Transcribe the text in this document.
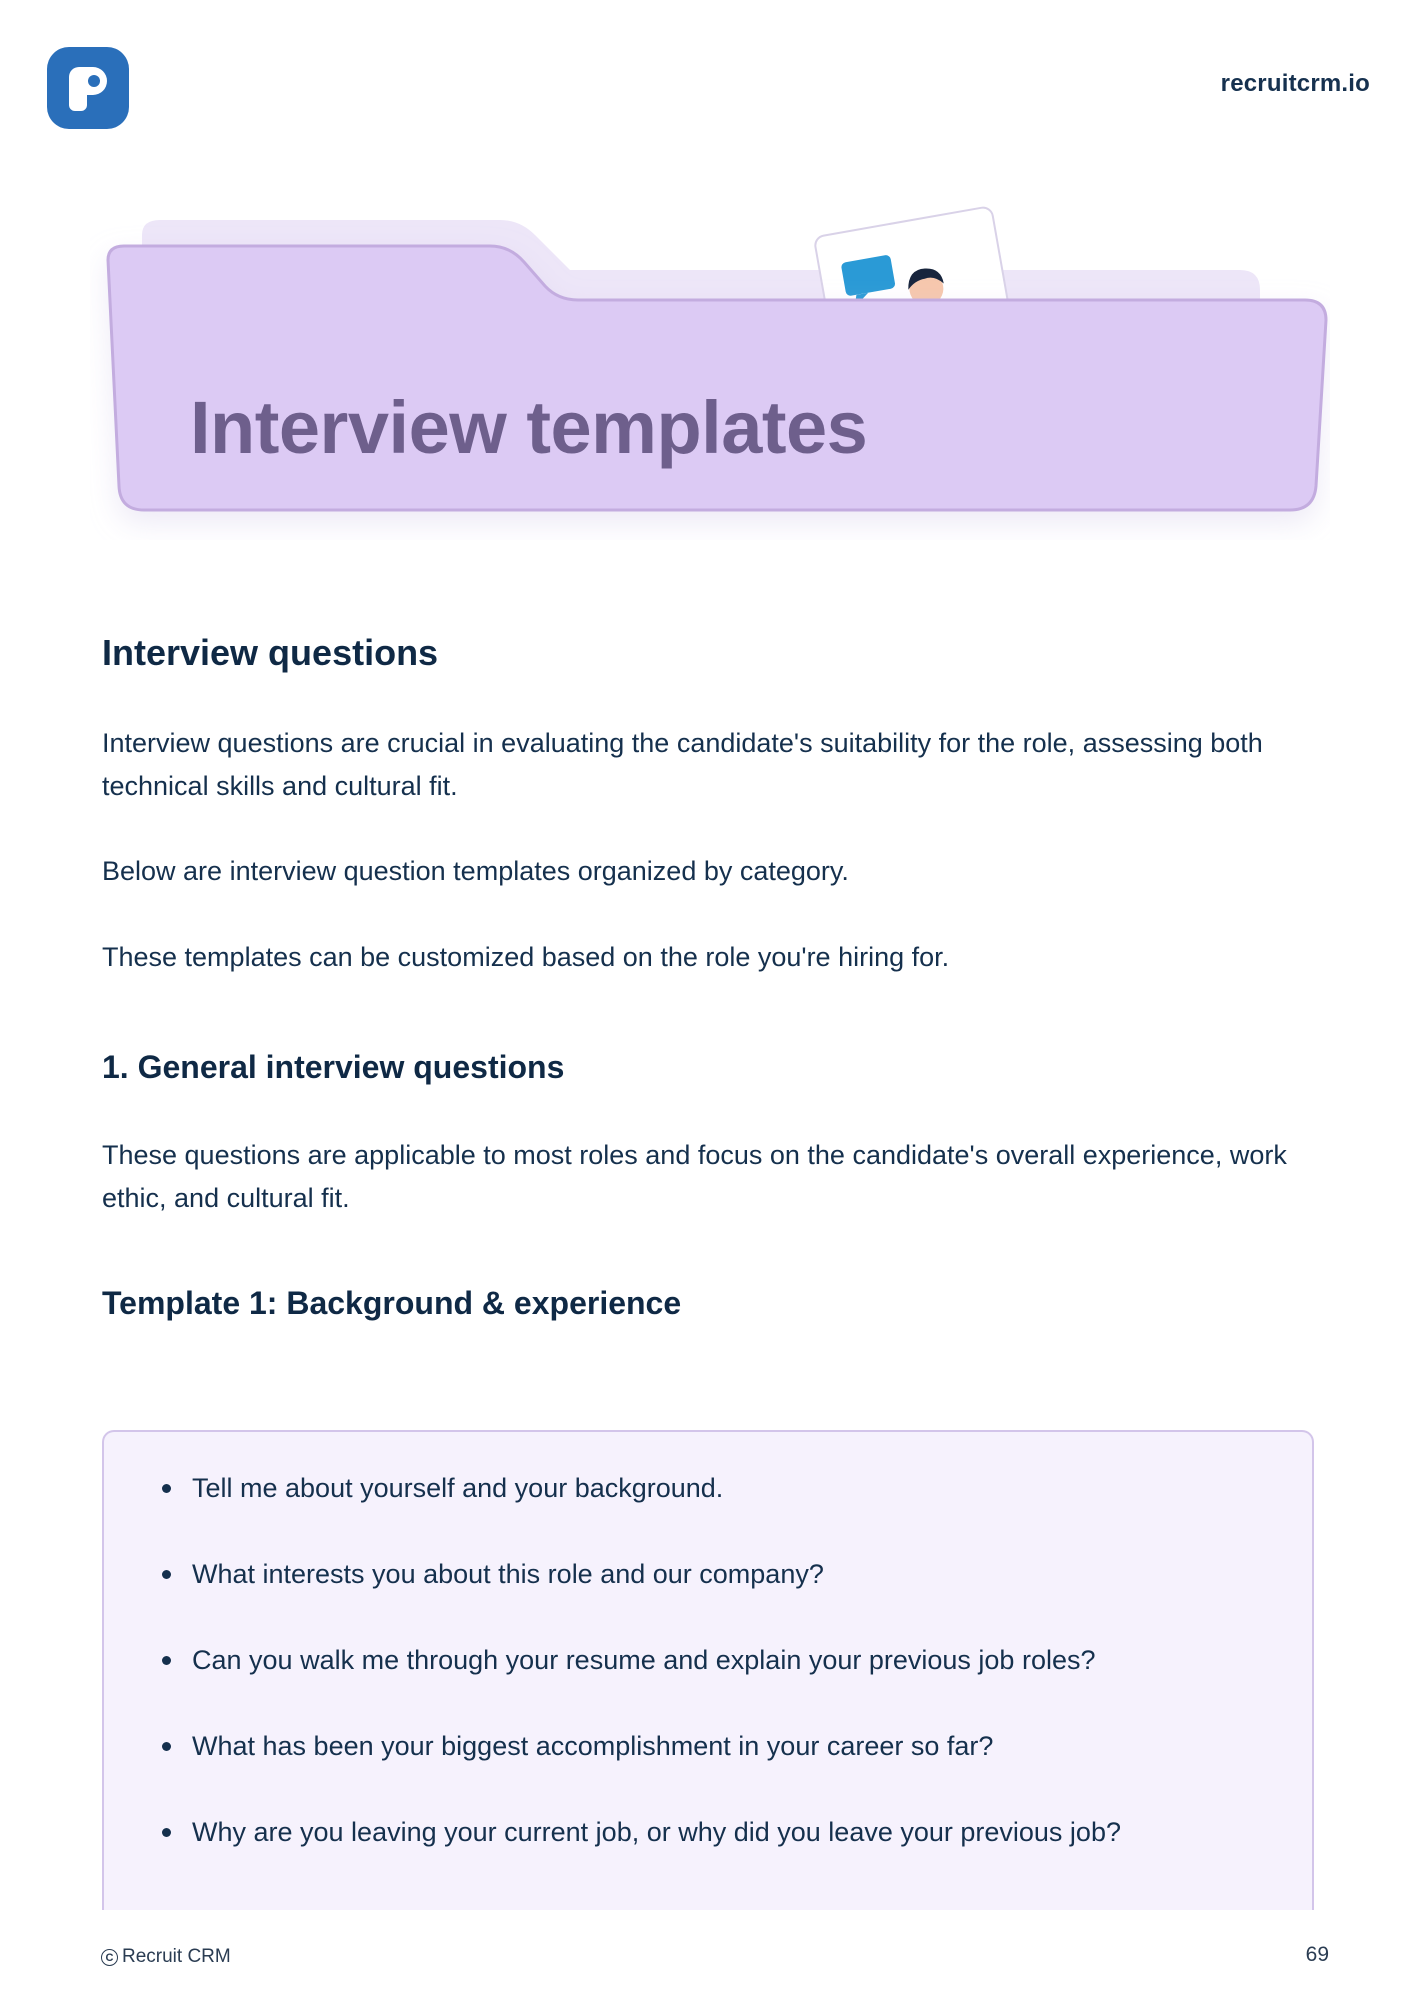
recruitcrm.io
Interview templates
Interview questions

Interview questions are crucial in evaluating the candidate's suitability for the role, assessing both technical skills and cultural fit.

Below are interview question templates organized by category.

These templates can be customized based on the role you're hiring for.

1. General interview questions

These questions are applicable to most roles and focus on the candidate's overall experience, work ethic, and cultural fit.

Template 1: Background & experience
Tell me about yourself and your background.
What interests you about this role and our company?
Can you walk me through your resume and explain your previous job roles?
What has been your biggest accomplishment in your career so far?
Why are you leaving your current job, or why did you leave your previous job?
C Recruit CRM	69
